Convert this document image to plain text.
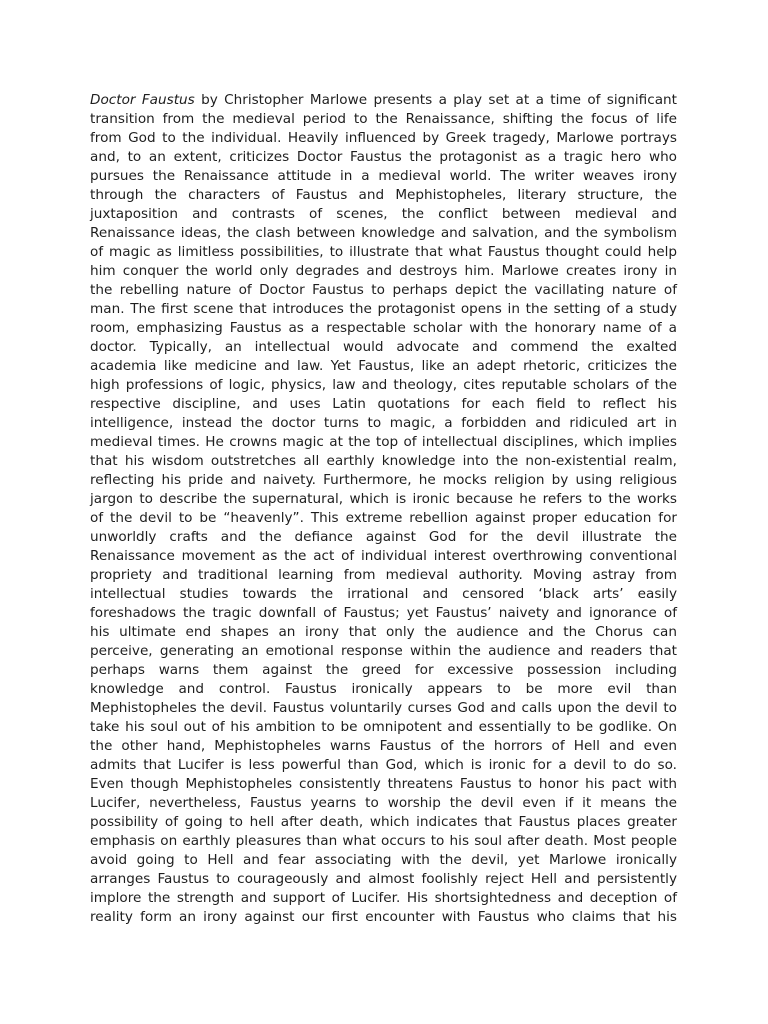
Doctor Faustus by Christopher Marlowe presents a play set at a time of significant
transition from the medieval period to the Renaissance, shifting the focus of life
from God to the individual. Heavily influenced by Greek tragedy, Marlowe portrays
and, to an extent, criticizes Doctor Faustus the protagonist as a tragic hero who
pursues the Renaissance attitude in a medieval world. The writer weaves irony
through the characters of Faustus and Mephistopheles, literary structure, the
juxtaposition and contrasts of scenes, the conflict between medieval and
Renaissance ideas, the clash between knowledge and salvation, and the symbolism
of magic as limitless possibilities, to illustrate that what Faustus thought could help
him conquer the world only degrades and destroys him. Marlowe creates irony in
the rebelling nature of Doctor Faustus to perhaps depict the vacillating nature of
man. The first scene that introduces the protagonist opens in the setting of a study
room, emphasizing Faustus as a respectable scholar with the honorary name of a
doctor. Typically, an intellectual would advocate and commend the exalted
academia like medicine and law. Yet Faustus, like an adept rhetoric, criticizes the
high professions of logic, physics, law and theology, cites reputable scholars of the
respective discipline, and uses Latin quotations for each field to reflect his
intelligence, instead the doctor turns to magic, a forbidden and ridiculed art in
medieval times. He crowns magic at the top of intellectual disciplines, which implies
that his wisdom outstretches all earthly knowledge into the non-existential realm,
reflecting his pride and naivety. Furthermore, he mocks religion by using religious
jargon to describe the supernatural, which is ironic because he refers to the works
of the devil to be “heavenly”. This extreme rebellion against proper education for
unworldly crafts and the defiance against God for the devil illustrate the
Renaissance movement as the act of individual interest overthrowing conventional
propriety and traditional learning from medieval authority. Moving astray from
intellectual studies towards the irrational and censored ‘black arts’ easily
foreshadows the tragic downfall of Faustus; yet Faustus’ naivety and ignorance of
his ultimate end shapes an irony that only the audience and the Chorus can
perceive, generating an emotional response within the audience and readers that
perhaps warns them against the greed for excessive possession including
knowledge and control. Faustus ironically appears to be more evil than
Mephistopheles the devil. Faustus voluntarily curses God and calls upon the devil to
take his soul out of his ambition to be omnipotent and essentially to be godlike. On
the other hand, Mephistopheles warns Faustus of the horrors of Hell and even
admits that Lucifer is less powerful than God, which is ironic for a devil to do so.
Even though Mephistopheles consistently threatens Faustus to honor his pact with
Lucifer, nevertheless, Faustus yearns to worship the devil even if it means the
possibility of going to hell after death, which indicates that Faustus places greater
emphasis on earthly pleasures than what occurs to his soul after death. Most people
avoid going to Hell and fear associating with the devil, yet Marlowe ironically
arranges Faustus to courageously and almost foolishly reject Hell and persistently
implore the strength and support of Lucifer. His shortsightedness and deception of
reality form an irony against our first encounter with Faustus who claims that his
